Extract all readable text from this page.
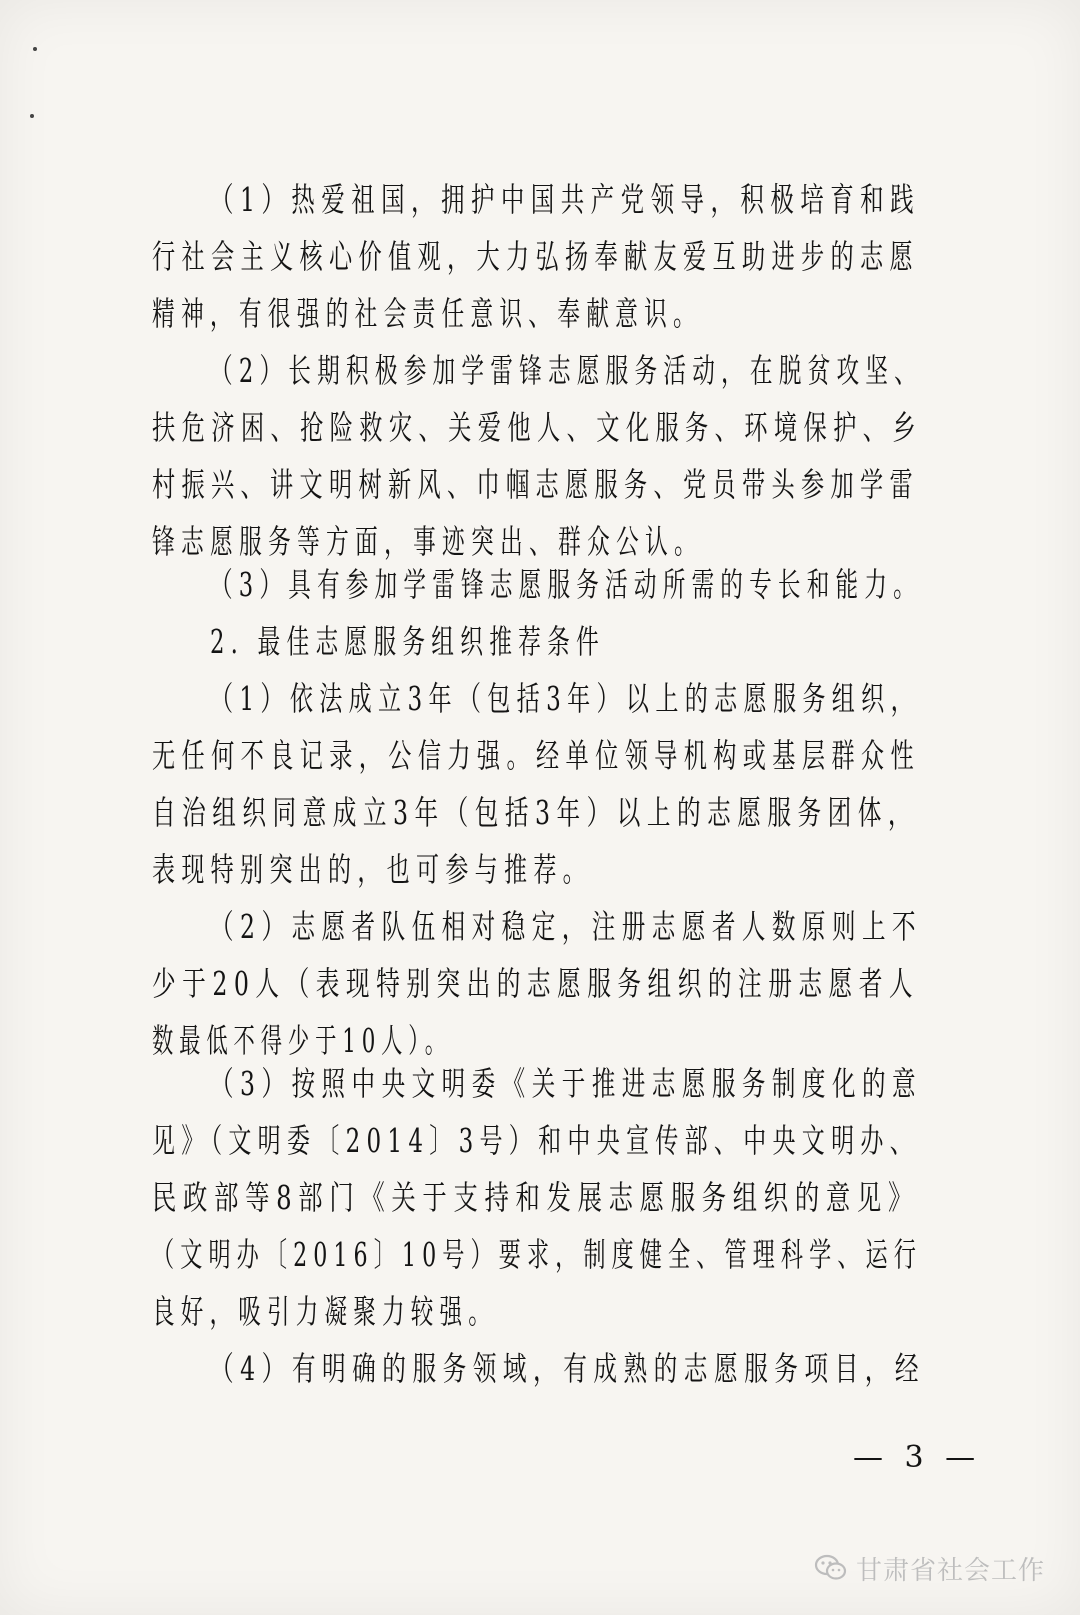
（1）热爱祖国，拥护中国共产党领导，积极培育和践
行社会主义核心价值观，大力弘扬奉献友爱互助进步的志愿
精神，有很强的社会责任意识、奉献意识。
（2）长期积极参加学雷锋志愿服务活动，在脱贫攻坚、
扶危济困、抢险救灾、关爱他人、文化服务、环境保护、乡
村振兴、讲文明树新风、巾帼志愿服务、党员带头参加学雷
锋志愿服务等方面，事迹突出、群众公认。
（3）具有参加学雷锋志愿服务活动所需的专长和能力。
2. 最佳志愿服务组织推荐条件
（1）依法成立3年（包括3年）以上的志愿服务组织，
无任何不良记录，公信力强。经单位领导机构或基层群众性
自治组织同意成立3年（包括3年）以上的志愿服务团体，
表现特别突出的，也可参与推荐。
（2）志愿者队伍相对稳定，注册志愿者人数原则上不
少于20人（表现特别突出的志愿服务组织的注册志愿者人
数最低不得少于10人）。
（3）按照中央文明委《关于推进志愿服务制度化的意
见》（文明委〔2014〕3号）和中央宣传部、中央文明办、
民政部等8部门《关于支持和发展志愿服务组织的意见》
（文明办〔2016〕10号）要求，制度健全、管理科学、运行
良好，吸引力凝聚力较强。
（4）有明确的服务领域，有成熟的志愿服务项目，经
— 3 —
甘肃省社会工作
